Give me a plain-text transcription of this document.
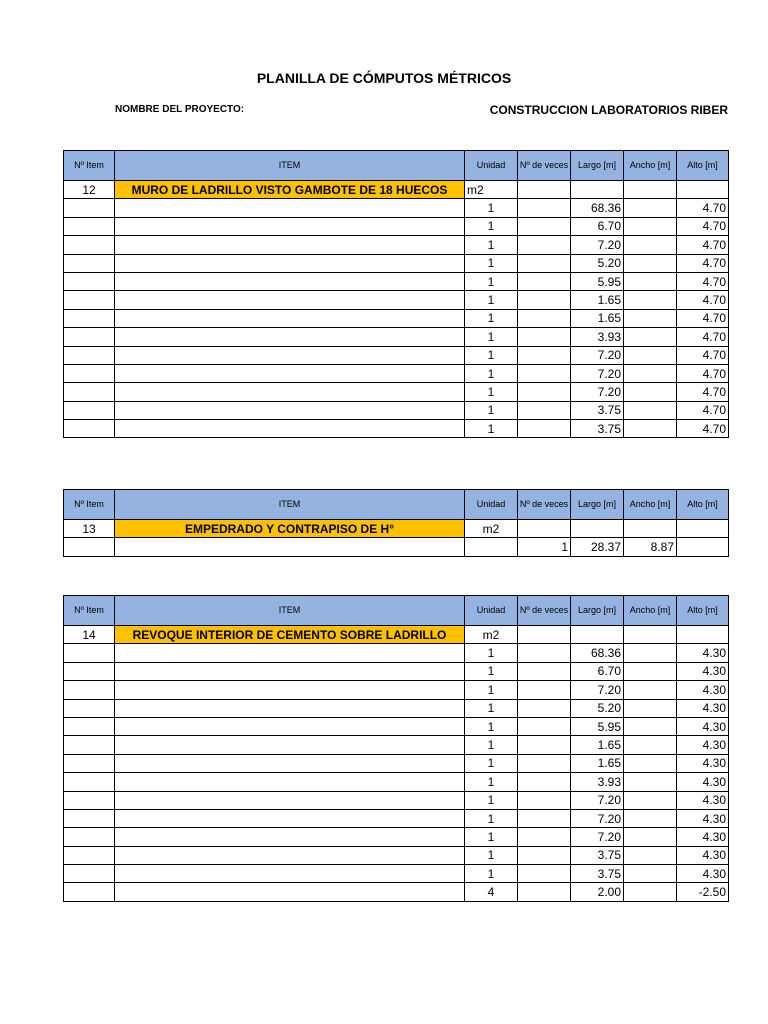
PLANILLA DE CÓMPUTOS MÉTRICOS
NOMBRE DEL PROYECTO:	CONSTRUCCION LABORATORIOS RIBER
Nº Item	ITEM	Unidad	Nº de veces	Largo [m]	Ancho [m]	Alto [m]
12	MURO DE LADRILLO VISTO GAMBOTE DE 18 HUECOS	m2				
		1		68.36		4.70
		1		6.70		4.70
		1		7.20		4.70
		1		5.20		4.70
		1		5.95		4.70
		1		1.65		4.70
		1		1.65		4.70
		1		3.93		4.70
		1		7.20		4.70
		1		7.20		4.70
		1		7.20		4.70
		1		3.75		4.70
		1		3.75		4.70
Nº Item	ITEM	Unidad	Nº de veces	Largo [m]	Ancho [m]	Alto [m]
13	EMPEDRADO Y CONTRAPISO DE H°	m2				
			1	28.37	8.87	
Nº Item	ITEM	Unidad	Nº de veces	Largo [m]	Ancho [m]	Alto [m]
14	REVOQUE INTERIOR DE CEMENTO SOBRE LADRILLO	m2				
		1		68.36		4.30
		1		6.70		4.30
		1		7.20		4.30
		1		5.20		4.30
		1		5.95		4.30
		1		1.65		4.30
		1		1.65		4.30
		1		3.93		4.30
		1		7.20		4.30
		1		7.20		4.30
		1		7.20		4.30
		1		3.75		4.30
		1		3.75		4.30
		4		2.00		-2.50
